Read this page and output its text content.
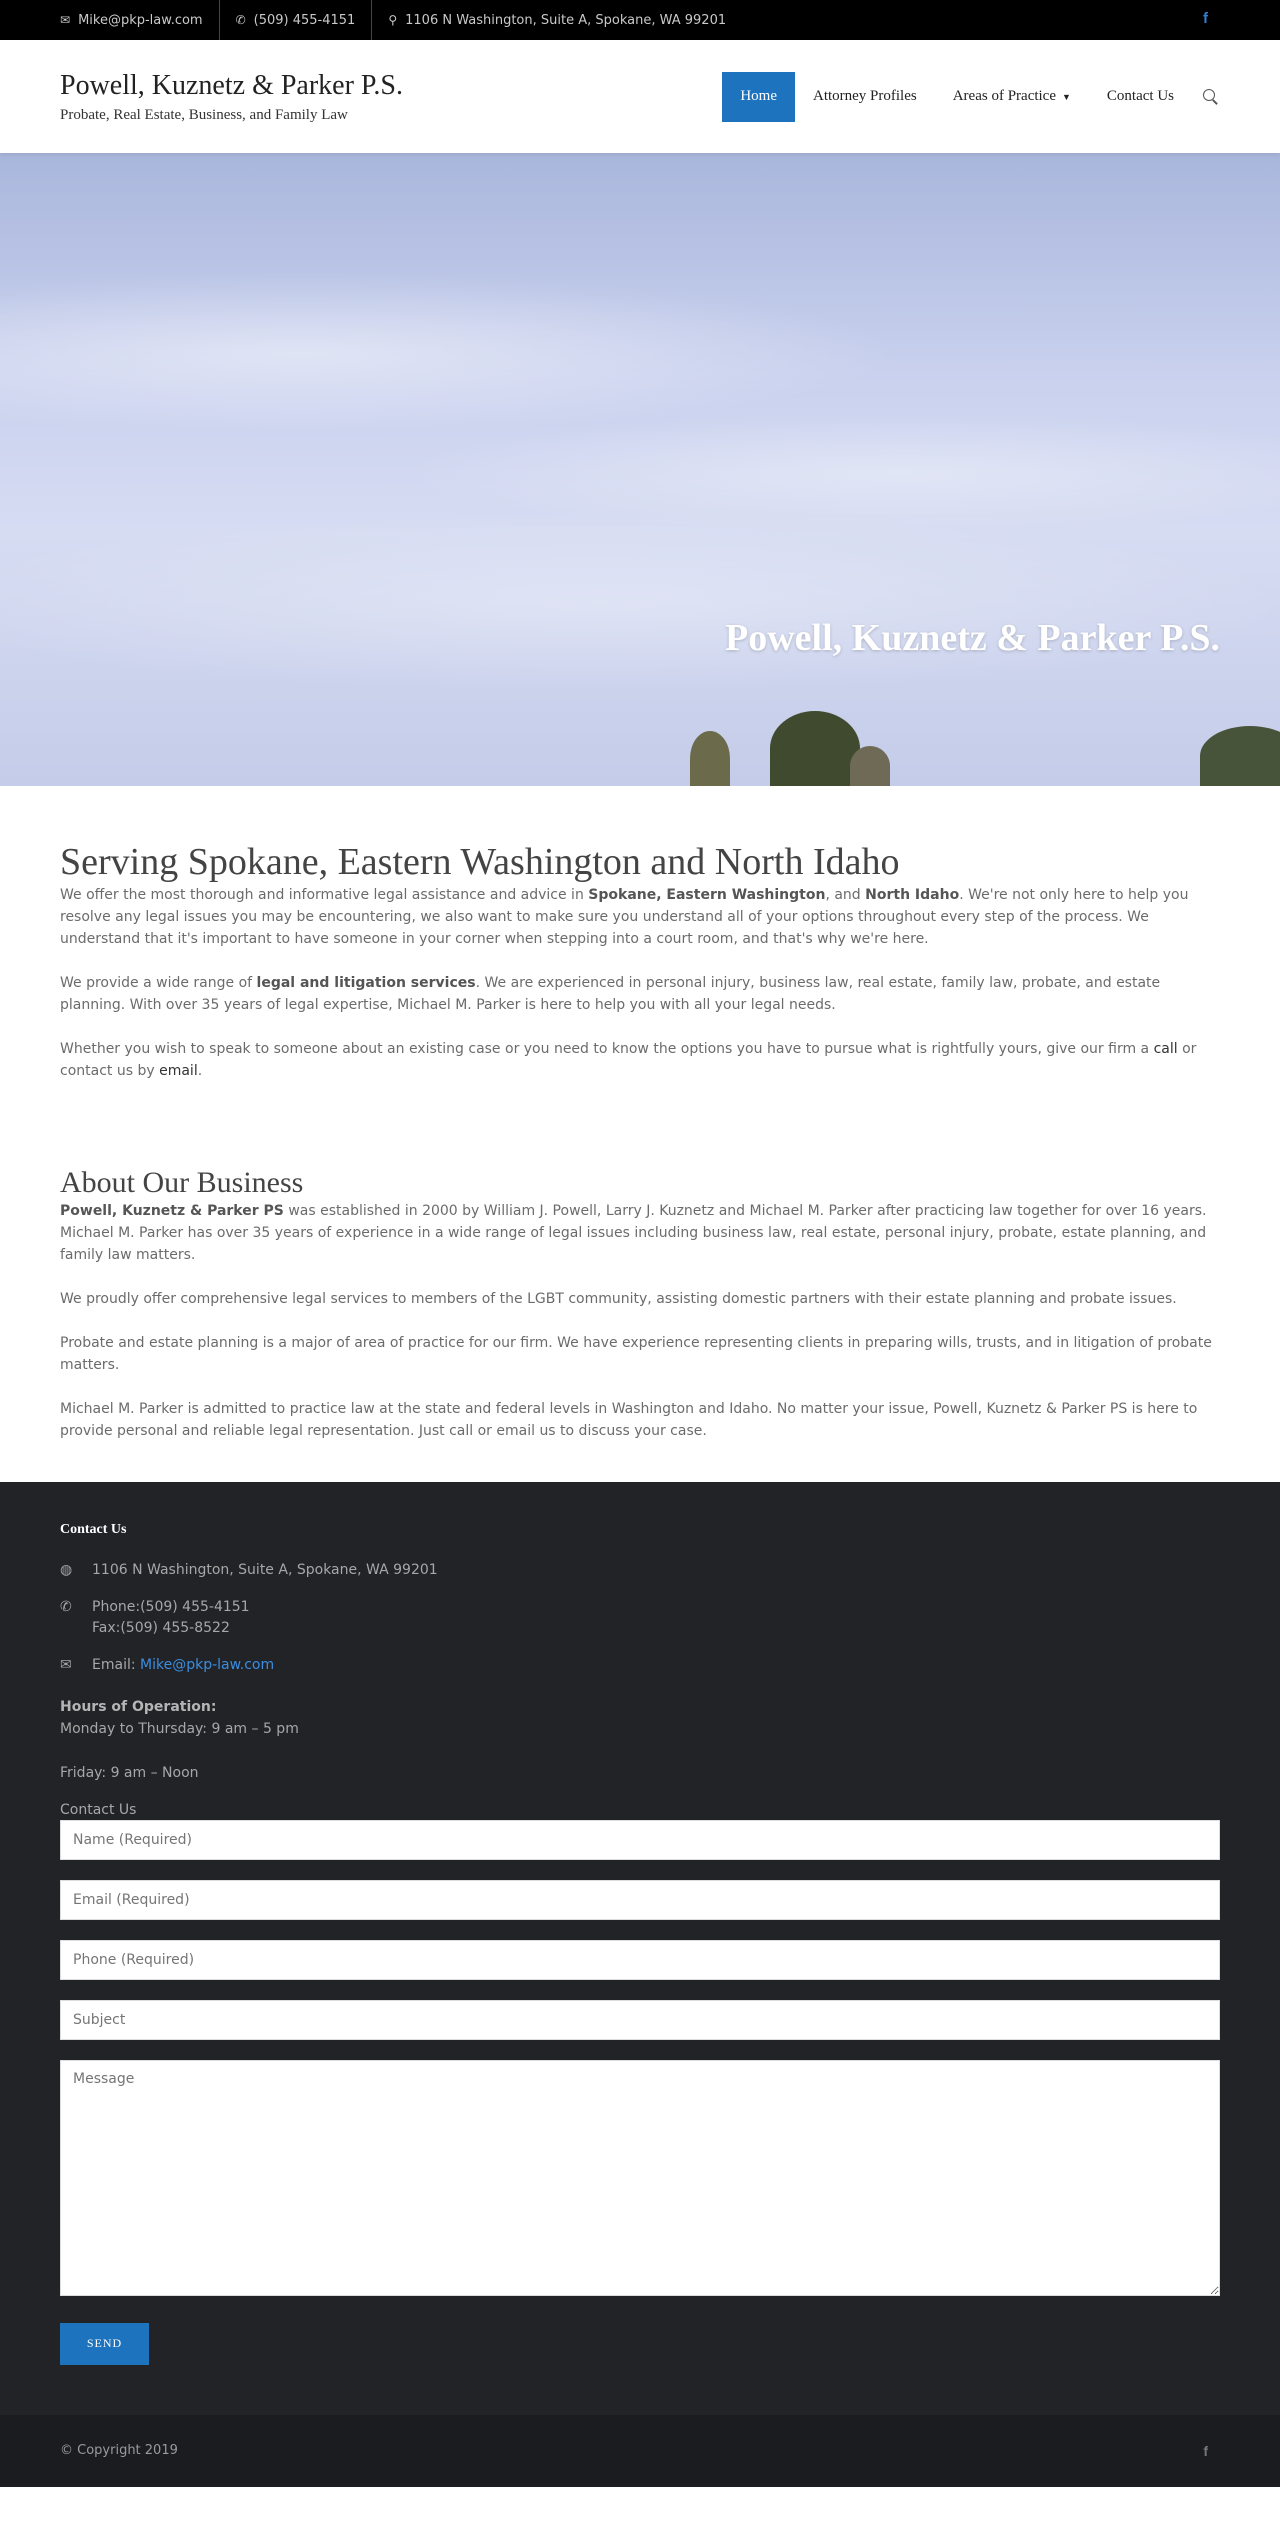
✉ Mike@pkp-law.com	✆ (509) 455-4151	⚲ 1106 N Washington, Suite A, Spokane, WA 99201	f
Powell, Kuznetz & Parker P.S.
Probate, Real Estate, Business, and Family Law
Home	Attorney Profiles	Areas of Practice ▼	Contact Us
Powell, Kuznetz & Parker P.S.
Serving Spokane, Eastern Washington and North Idaho

We offer the most thorough and informative legal assistance and advice in Spokane, Eastern Washington, and North Idaho. We're not only here to help you resolve any legal issues you may be encountering, we also want to make sure you understand all of your options throughout every step of the process. We understand that it's important to have someone in your corner when stepping into a court room, and that's why we're here.

We provide a wide range of legal and litigation services. We are experienced in personal injury, business law, real estate, family law, probate, and estate planning. With over 35 years of legal expertise, Michael M. Parker is here to help you with all your legal needs.

Whether you wish to speak to someone about an existing case or you need to know the options you have to pursue what is rightfully yours, give our firm a call or contact us by email.

About Our Business

Powell, Kuznetz & Parker PS was established in 2000 by William J. Powell, Larry J. Kuznetz and Michael M. Parker after practicing law together for over 16 years. Michael M. Parker has over 35 years of experience in a wide range of legal issues including business law, real estate, personal injury, probate, estate planning, and family law matters.

We proudly offer comprehensive legal services to members of the LGBT community, assisting domestic partners with their estate planning and probate issues.

Probate and estate planning is a major of area of practice for our firm. We have experience representing clients in preparing wills, trusts, and in litigation of probate matters.

Michael M. Parker is admitted to practice law at the state and federal levels in Washington and Idaho. No matter your issue, Powell, Kuznetz & Parker PS is here to provide personal and reliable legal representation. Just call or email us to discuss your case.

Contact Us
◍	1106 N Washington, Suite A, Spokane, WA 99201
✆	Phone:(509) 455-4151
Fax:(509) 455-8522
✉	Email: Mike@pkp-law.com

Hours of Operation:
Monday to Thursday: 9 am – 5 pm

Friday: 9 am – Noon

Contact Us
Name (Required)
Email (Required)
Phone (Required)
Subject
Message SEND
© Copyright 2019	f
